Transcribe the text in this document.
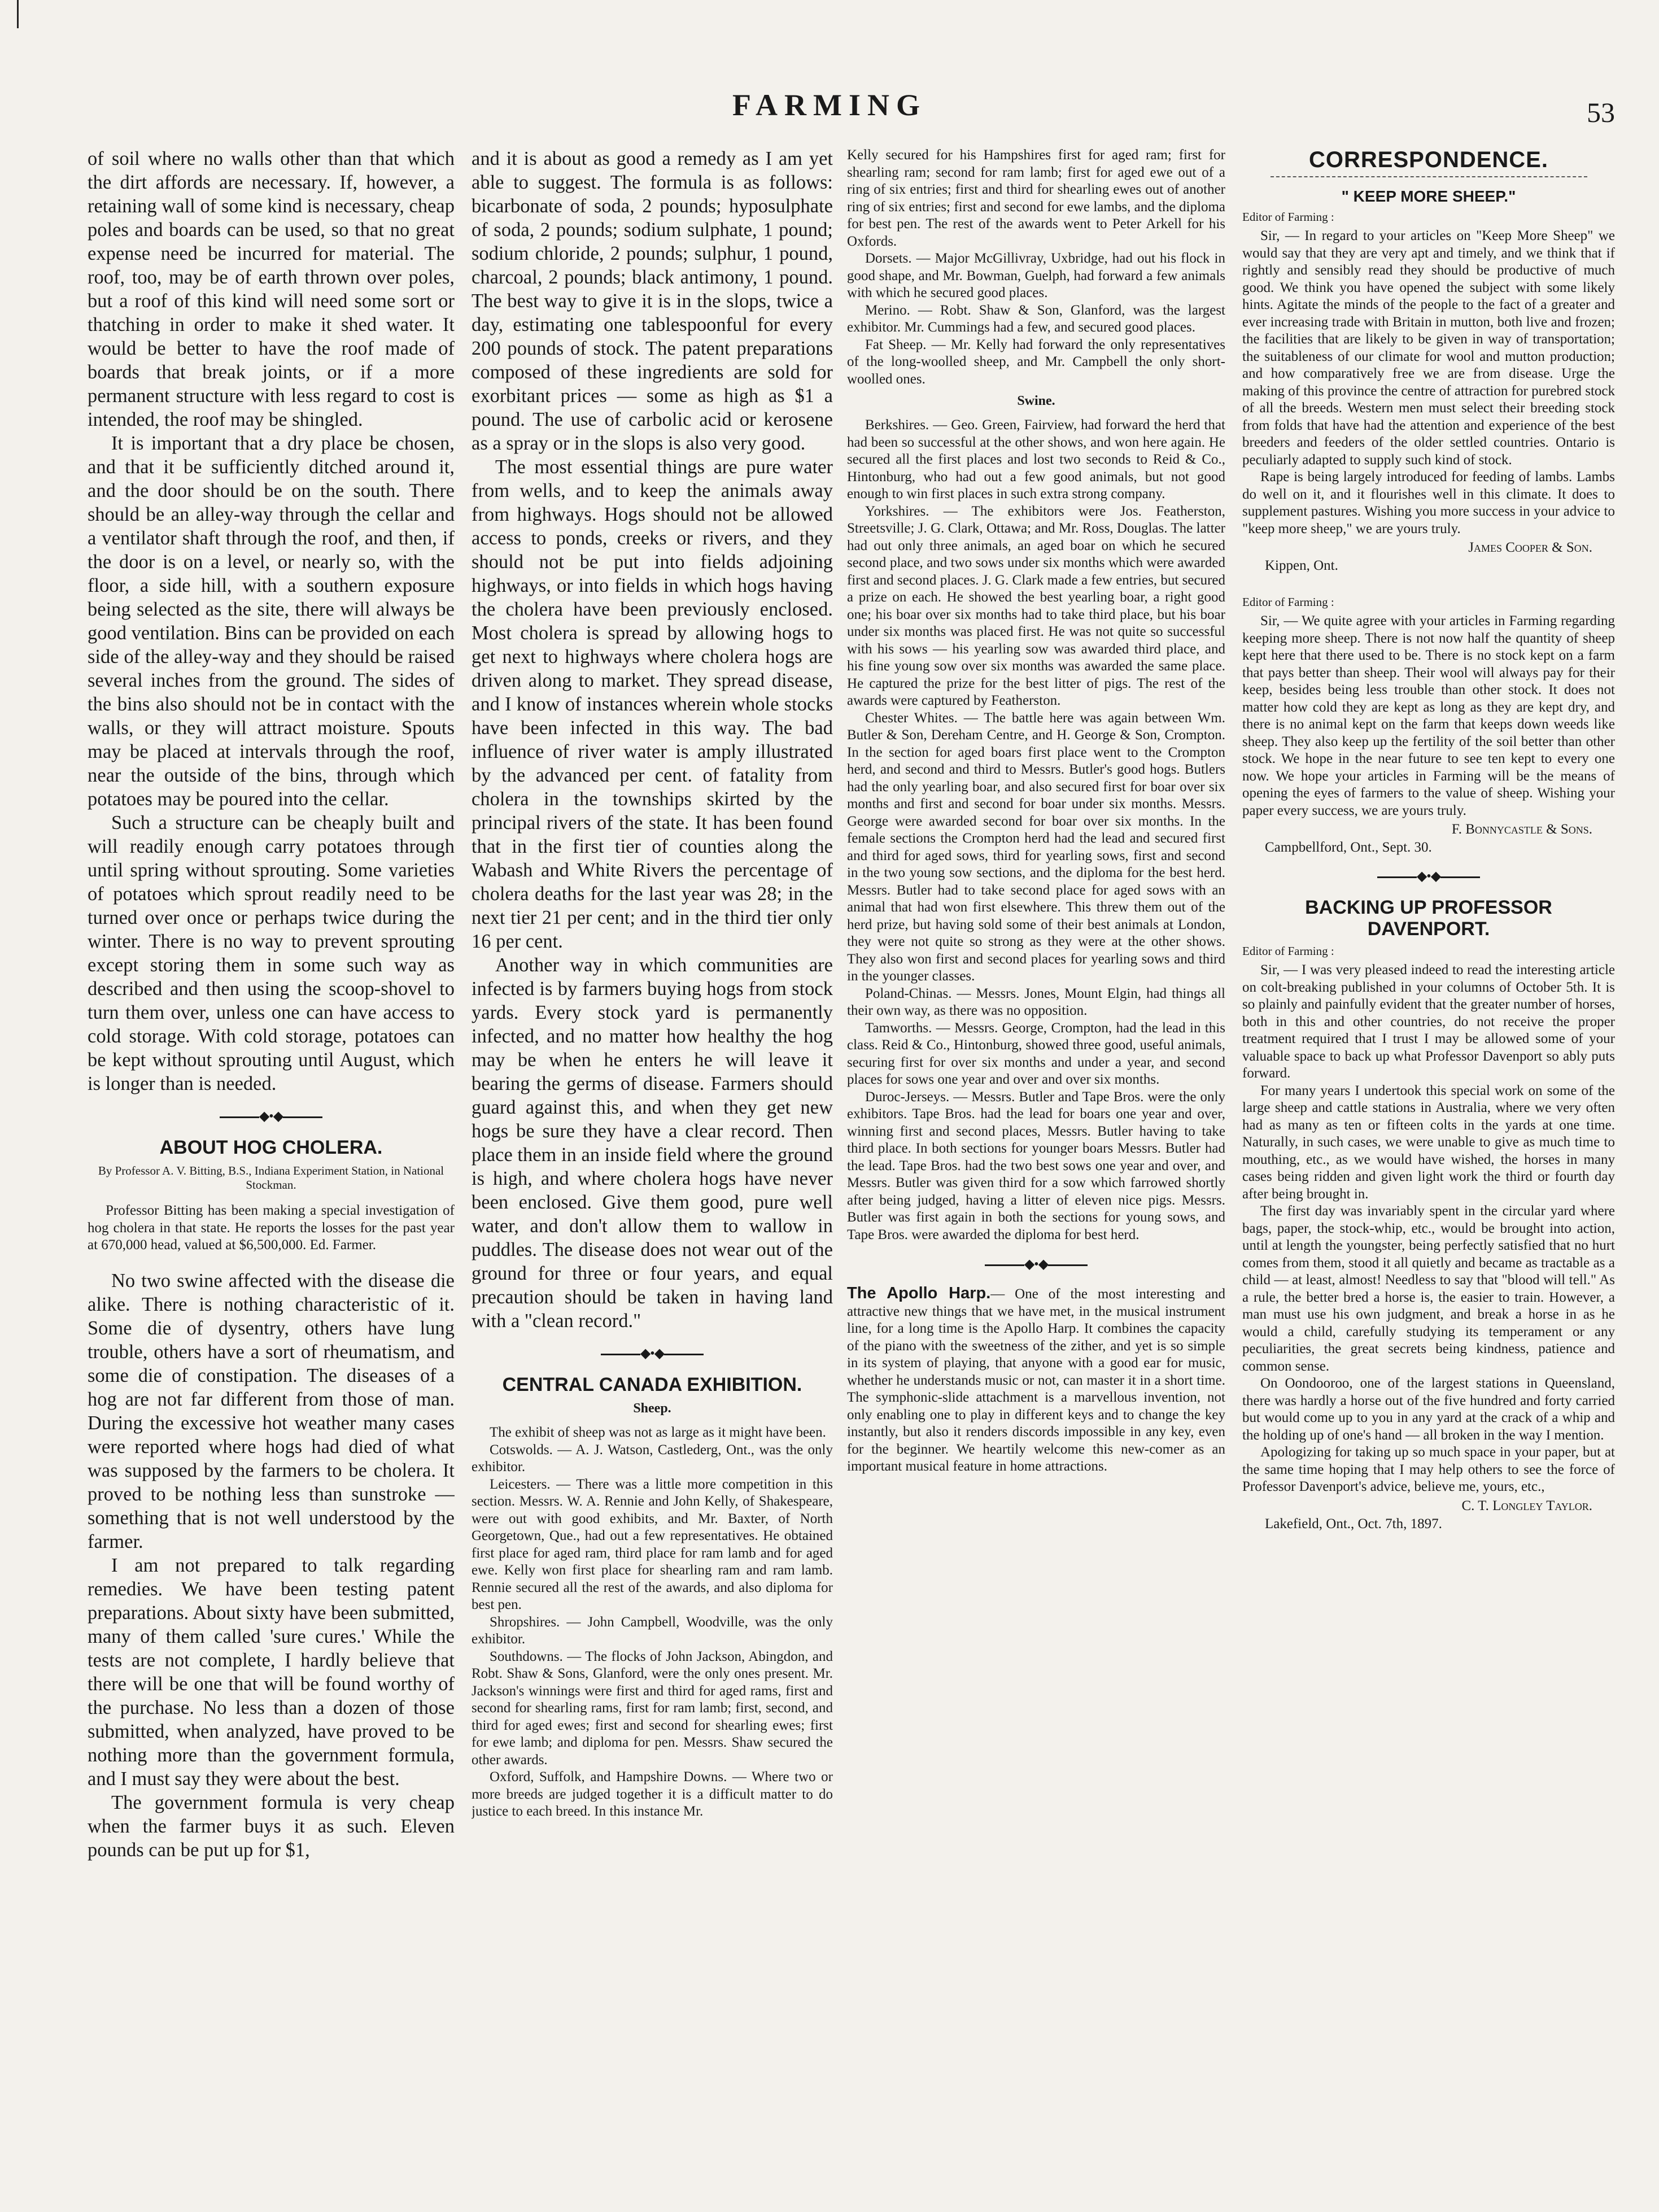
FARMING	53

of soil where no walls other than that which the dirt affords are necessary. If, however, a retaining wall of some kind is necessary, cheap poles and boards can be used, so that no great expense need be incurred for material. The roof, too, may be of earth thrown over poles, but a roof of this kind will need some sort or thatching in order to make it shed water. It would be better to have the roof made of boards that break joints, or if a more permanent structure with less regard to cost is intended, the roof may be shingled.

It is important that a dry place be chosen, and that it be sufficiently ditched around it, and the door should be on the south. There should be an alley-way through the cellar and a ventilator shaft through the roof, and then, if the door is on a level, or nearly so, with the floor, a side hill, with a southern exposure being selected as the site, there will always be good ventilation. Bins can be provided on each side of the alley-way and they should be raised several inches from the ground. The sides of the bins also should not be in contact with the walls, or they will attract moisture. Spouts may be placed at intervals through the roof, near the outside of the bins, through which potatoes may be poured into the cellar.

Such a structure can be cheaply built and will readily enough carry potatoes through until spring without sprouting. Some varieties of potatoes which sprout readily need to be turned over once or perhaps twice during the winter. There is no way to prevent sprouting except storing them in some such way as described and then using the scoop-shovel to turn them over, unless one can have access to cold storage. With cold storage, potatoes can be kept without sprouting until August, which is longer than is needed.

◆•◆
ABOUT HOG CHOLERA.
By Professor A. V. Bitting, B.S., Indiana Experiment Station, in National Stockman.

Professor Bitting has been making a special investigation of hog cholera in that state. He reports the losses for the past year at 670,000 head, valued at $6,500,000. Ed. Farmer.

No two swine affected with the disease die alike. There is nothing characteristic of it. Some die of dysentry, others have lung trouble, others have a sort of rheumatism, and some die of constipation. The diseases of a hog are not far different from those of man. During the excessive hot weather many cases were reported where hogs had died of what was supposed by the farmers to be cholera. It proved to be nothing less than sunstroke — something that is not well understood by the farmer.

I am not prepared to talk regarding remedies. We have been testing patent preparations. About sixty have been submitted, many of them called 'sure cures.' While the tests are not complete, I hardly believe that there will be one that will be found worthy of the purchase. No less than a dozen of those submitted, when analyzed, have proved to be nothing more than the government formula, and I must say they were about the best.

The government formula is very cheap when the farmer buys it as such. Eleven pounds can be put up for $1,

and it is about as good a remedy as I am yet able to suggest. The formula is as follows: bicarbonate of soda, 2 pounds; hyposulphate of soda, 2 pounds; sodium sulphate, 1 pound; sodium chloride, 2 pounds; sulphur, 1 pound, charcoal, 2 pounds; black antimony, 1 pound. The best way to give it is in the slops, twice a day, estimating one tablespoonful for every 200 pounds of stock. The patent preparations composed of these ingredients are sold for exorbitant prices — some as high as $1 a pound. The use of carbolic acid or kerosene as a spray or in the slops is also very good.

The most essential things are pure water from wells, and to keep the animals away from highways. Hogs should not be allowed access to ponds, creeks or rivers, and they should not be put into fields adjoining highways, or into fields in which hogs having the cholera have been previously enclosed. Most cholera is spread by allowing hogs to get next to highways where cholera hogs are driven along to market. They spread disease, and I know of instances wherein whole stocks have been infected in this way. The bad influence of river water is amply illustrated by the advanced per cent. of fatality from cholera in the townships skirted by the principal rivers of the state. It has been found that in the first tier of counties along the Wabash and White Rivers the percentage of cholera deaths for the last year was 28; in the next tier 21 per cent; and in the third tier only 16 per cent.

Another way in which communities are infected is by farmers buying hogs from stock yards. Every stock yard is permanently infected, and no matter how healthy the hog may be when he enters he will leave it bearing the germs of disease. Farmers should guard against this, and when they get new hogs be sure they have a clear record. Then place them in an inside field where the ground is high, and where cholera hogs have never been enclosed. Give them good, pure well water, and don't allow them to wallow in puddles. The disease does not wear out of the ground for three or four years, and equal precaution should be taken in having land with a "clean record."

◆•◆
CENTRAL CANADA EXHIBITION.
Sheep.

The exhibit of sheep was not as large as it might have been.

Cotswolds. — A. J. Watson, Castlederg, Ont., was the only exhibitor.

Leicesters. — There was a little more competition in this section. Messrs. W. A. Rennie and John Kelly, of Shakespeare, were out with good exhibits, and Mr. Baxter, of North Georgetown, Que., had out a few representatives. He obtained first place for aged ram, third place for ram lamb and for aged ewe. Kelly won first place for shearling ram and ram lamb. Rennie secured all the rest of the awards, and also diploma for best pen.

Shropshires. — John Campbell, Woodville, was the only exhibitor.

Southdowns. — The flocks of John Jackson, Abingdon, and Robt. Shaw & Sons, Glanford, were the only ones present. Mr. Jackson's winnings were first and third for aged rams, first and second for shearling rams, first for ram lamb; first, second, and third for aged ewes; first and second for shearling ewes; first for ewe lamb; and diploma for pen. Messrs. Shaw secured the other awards.

Oxford, Suffolk, and Hampshire Downs. — Where two or more breeds are judged together it is a difficult matter to do justice to each breed. In this instance Mr.

Kelly secured for his Hampshires first for aged ram; first for shearling ram; second for ram lamb; first for aged ewe out of a ring of six entries; first and third for shearling ewes out of another ring of six entries; first and second for ewe lambs, and the diploma for best pen. The rest of the awards went to Peter Arkell for his Oxfords.

Dorsets. — Major McGillivray, Uxbridge, had out his flock in good shape, and Mr. Bowman, Guelph, had forward a few animals with which he secured good places.

Merino. — Robt. Shaw & Son, Glanford, was the largest exhibitor. Mr. Cummings had a few, and secured good places.

Fat Sheep. — Mr. Kelly had forward the only representatives of the long-woolled sheep, and Mr. Campbell the only short-woolled ones.

Swine.

Berkshires. — Geo. Green, Fairview, had forward the herd that had been so successful at the other shows, and won here again. He secured all the first places and lost two seconds to Reid & Co., Hintonburg, who had out a few good animals, but not good enough to win first places in such extra strong company.

Yorkshires. — The exhibitors were Jos. Featherston, Streetsville; J. G. Clark, Ottawa; and Mr. Ross, Douglas. The latter had out only three animals, an aged boar on which he secured second place, and two sows under six months which were awarded first and second places. J. G. Clark made a few entries, but secured a prize on each. He showed the best yearling boar, a right good one; his boar over six months had to take third place, but his boar under six months was placed first. He was not quite so successful with his sows — his yearling sow was awarded third place, and his fine young sow over six months was awarded the same place. He captured the prize for the best litter of pigs. The rest of the awards were captured by Featherston.

Chester Whites. — The battle here was again between Wm. Butler & Son, Dereham Centre, and H. George & Son, Crompton. In the section for aged boars first place went to the Crompton herd, and second and third to Messrs. Butler's good hogs. Butlers had the only yearling boar, and also secured first for boar over six months and first and second for boar under six months. Messrs. George were awarded second for boar over six months. In the female sections the Crompton herd had the lead and secured first and third for aged sows, third for yearling sows, first and second in the two young sow sections, and the diploma for the best herd. Messrs. Butler had to take second place for aged sows with an animal that had won first elsewhere. This threw them out of the herd prize, but having sold some of their best animals at London, they were not quite so strong as they were at the other shows. They also won first and second places for yearling sows and third in the younger classes.

Poland-Chinas. — Messrs. Jones, Mount Elgin, had things all their own way, as there was no opposition.

Tamworths. — Messrs. George, Crompton, had the lead in this class. Reid & Co., Hintonburg, showed three good, useful animals, securing first for over six months and under a year, and second places for sows one year and over and over six months.

Duroc-Jerseys. — Messrs. Butler and Tape Bros. were the only exhibitors. Tape Bros. had the lead for boars one year and over, winning first and second places, Messrs. Butler having to take third place. In both sections for younger boars Messrs. Butler had the lead. Tape Bros. had the two best sows one year and over, and Messrs. Butler was given third for a sow which farrowed shortly after being judged, having a litter of eleven nice pigs. Messrs. Butler was first again in both the sections for young sows, and Tape Bros. were awarded the diploma for best herd.

◆•◆

The Apollo Harp.— One of the most interesting and attractive new things that we have met, in the musical instrument line, for a long time is the Apollo Harp. It combines the capacity of the piano with the sweetness of the zither, and yet is so simple in its system of playing, that anyone with a good ear for music, whether he understands music or not, can master it in a short time. The symphonic-slide attachment is a marvellous invention, not only enabling one to play in different keys and to change the key instantly, but also it renders discords impossible in any key, even for the beginner. We heartily welcome this new-comer as an important musical feature in home attractions.

CORRESPONDENCE.
" KEEP MORE SHEEP."
Editor of Farming :

Sir, — In regard to your articles on "Keep More Sheep" we would say that they are very apt and timely, and we think that if rightly and sensibly read they should be productive of much good. We think you have opened the subject with some likely hints. Agitate the minds of the people to the fact of a greater and ever increasing trade with Britain in mutton, both live and frozen; the facilities that are likely to be given in way of transportation; the suitableness of our climate for wool and mutton production; and how comparatively free we are from disease. Urge the making of this province the centre of attraction for purebred stock of all the breeds. Western men must select their breeding stock from folds that have had the attention and experience of the best breeders and feeders of the older settled countries. Ontario is peculiarly adapted to supply such kind of stock.

Rape is being largely introduced for feeding of lambs. Lambs do well on it, and it flourishes well in this climate. It does to supplement pastures. Wishing you more success in your advice to "keep more sheep," we are yours truly.

James Cooper & Son.
Kippen, Ont.
Editor of Farming :

Sir, — We quite agree with your articles in Farming regarding keeping more sheep. There is not now half the quantity of sheep kept here that there used to be. There is no stock kept on a farm that pays better than sheep. Their wool will always pay for their keep, besides being less trouble than other stock. It does not matter how cold they are kept as long as they are kept dry, and there is no animal kept on the farm that keeps down weeds like sheep. They also keep up the fertility of the soil better than other stock. We hope in the near future to see ten kept to every one now. We hope your articles in Farming will be the means of opening the eyes of farmers to the value of sheep. Wishing your paper every success, we are yours truly.

F. Bonnycastle & Sons.
Campbellford, Ont., Sept. 30.
◆•◆
BACKING UP PROFESSOR DAVENPORT.
Editor of Farming :

Sir, — I was very pleased indeed to read the interesting article on colt-breaking published in your columns of October 5th. It is so plainly and painfully evident that the greater number of horses, both in this and other countries, do not receive the proper treatment required that I trust I may be allowed some of your valuable space to back up what Professor Davenport so ably puts forward.

For many years I undertook this special work on some of the large sheep and cattle stations in Australia, where we very often had as many as ten or fifteen colts in the yards at one time. Naturally, in such cases, we were unable to give as much time to mouthing, etc., as we would have wished, the horses in many cases being ridden and given light work the third or fourth day after being brought in.

The first day was invariably spent in the circular yard where bags, paper, the stock-whip, etc., would be brought into action, until at length the youngster, being perfectly satisfied that no hurt comes from them, stood it all quietly and became as tractable as a child — at least, almost! Needless to say that "blood will tell." As a rule, the better bred a horse is, the easier to train. However, a man must use his own judgment, and break a horse in as he would a child, carefully studying its temperament or any peculiarities, the great secrets being kindness, patience and common sense.

On Oondooroo, one of the largest stations in Queensland, there was hardly a horse out of the five hundred and forty carried but would come up to you in any yard at the crack of a whip and the holding up of one's hand — all broken in the way I mention.

Apologizing for taking up so much space in your paper, but at the same time hoping that I may help others to see the force of Professor Davenport's advice, believe me, yours, etc.,

C. T. Longley Taylor.
Lakefield, Ont., Oct. 7th, 1897.
